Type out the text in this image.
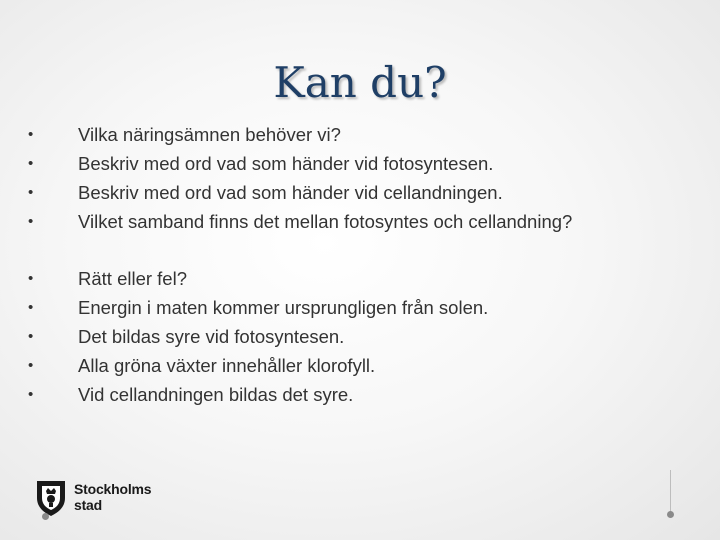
Kan du?
•	Vilka näringsämnen behöver vi?
•	Beskriv med ord vad som händer vid fotosyntesen.
•	Beskriv med ord vad som händer vid cellandningen.
•	Vilket samband finns det mellan fotosyntes och cellandning?
•	Rätt eller fel?
•	Energin i maten kommer ursprungligen från solen.
•	Det bildas syre vid fotosyntesen.
•	Alla gröna växter innehåller klorofyll.
•	Vid cellandningen bildas det syre.
Stockholms
stad
